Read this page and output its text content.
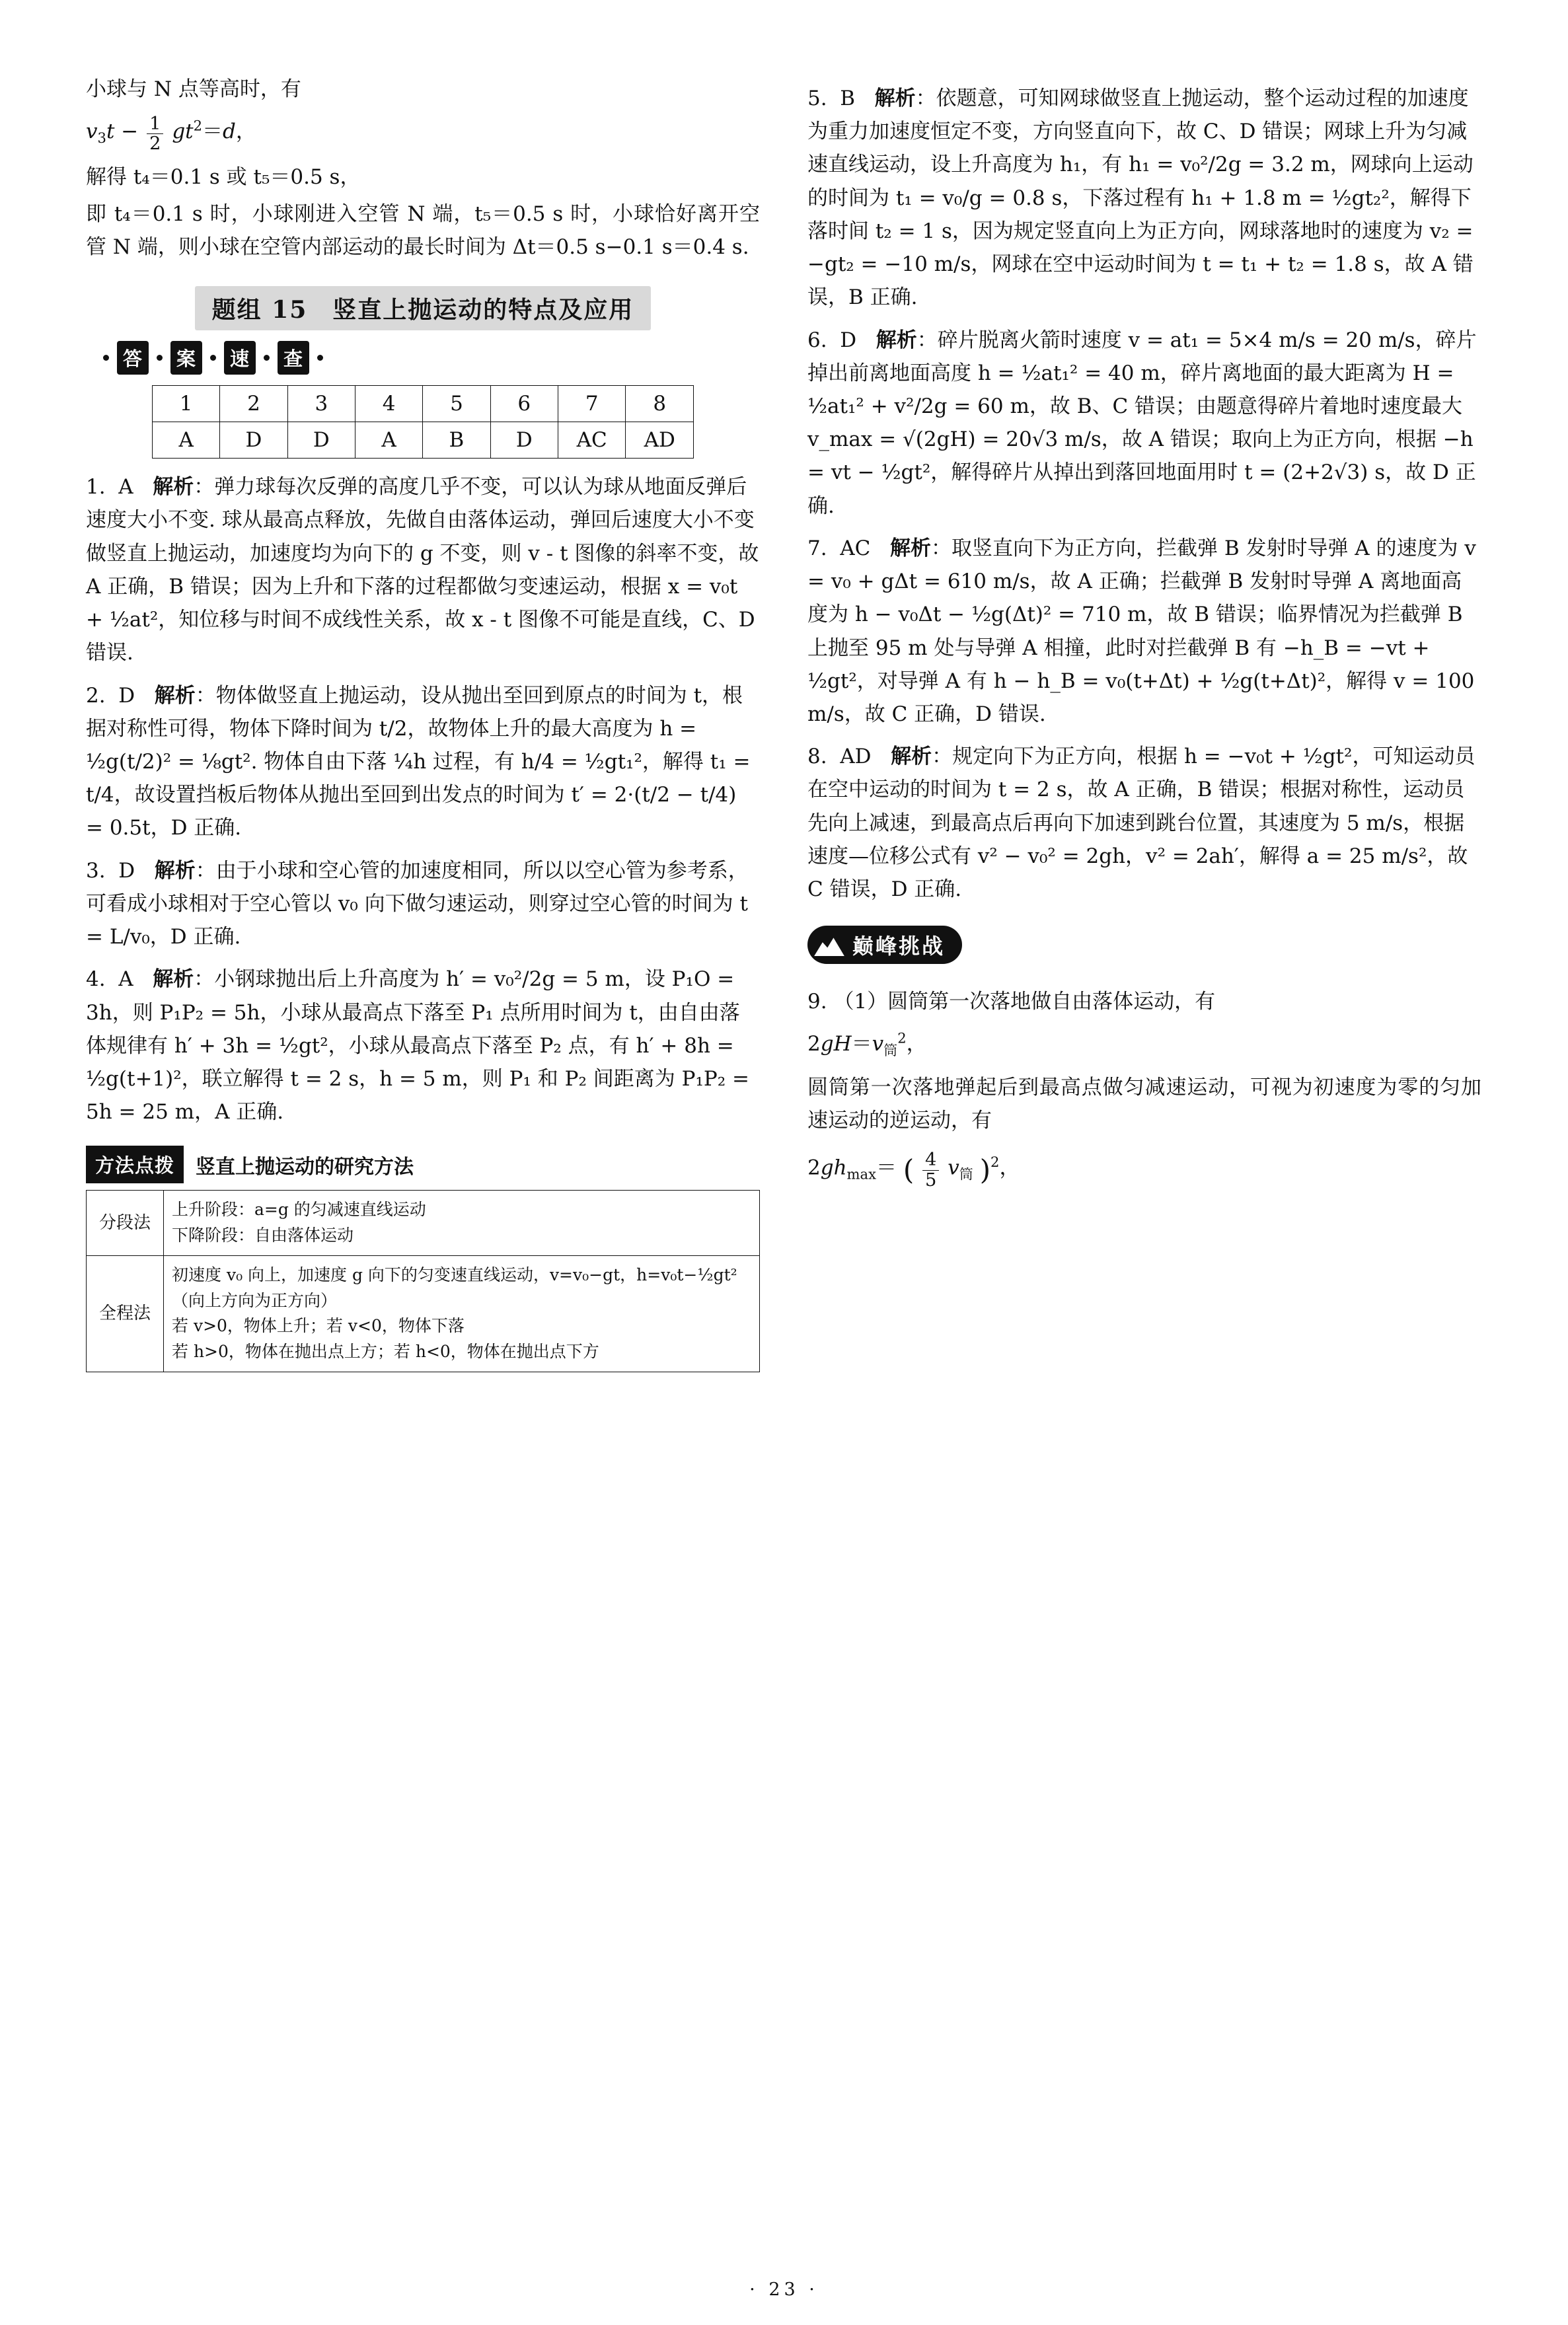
小球与 N 点等高时，有

$v_3t - \frac{1}{2} gt^2=d$，

解得 t₄＝0.1 s 或 t₅＝0.5 s，

即 t₄＝0.1 s 时，小球刚进入空管 N 端，t₅＝0.5 s 时，小球恰好离开空管 N 端，则小球在空管内部运动的最长时间为 Δt＝0.5 s−0.1 s＝0.4 s.

题组 15　竖直上抛运动的特点及应用
答	案	速	查
1	2	3	4	5	6	7	8
A	D	D	A	B	D	AC	AD
1. A 解析：弹力球每次反弹的高度几乎不变，可以认为球从地面反弹后速度大小不变. 球从最高点释放，先做自由落体运动，弹回后速度大小不变做竖直上抛运动，加速度均为向下的 g 不变，则 v - t 图像的斜率不变，故 A 正确，B 错误；因为上升和下落的过程都做匀变速运动，根据 x = v₀t + ½at²，知位移与时间不成线性关系，故 x - t 图像不可能是直线，C、D 错误.
2. D 解析：物体做竖直上抛运动，设从抛出至回到原点的时间为 t，根据对称性可得，物体下降时间为 t/2，故物体上升的最大高度为 h = ½g(t/2)² = ⅛gt². 物体自由下落 ¼h 过程，有 h/4 = ½gt₁²，解得 t₁ = t/4，故设置挡板后物体从抛出至回到出发点的时间为 t′ = 2·(t/2 − t/4) = 0.5t，D 正确.
3. D 解析：由于小球和空心管的加速度相同，所以以空心管为参考系，可看成小球相对于空心管以 v₀ 向下做匀速运动，则穿过空心管的时间为 t = L/v₀，D 正确.
4. A 解析：小钢球抛出后上升高度为 h′ = v₀²/2g = 5 m，设 P₁O = 3h，则 P₁P₂ = 5h，小球从最高点下落至 P₁ 点所用时间为 t，由自由落体规律有 h′ + 3h = ½gt²，小球从最高点下落至 P₂ 点，有 h′ + 8h = ½g(t+1)²，联立解得 t = 2 s，h = 5 m，则 P₁ 和 P₂ 间距离为 P₁P₂ = 5h = 25 m，A 正确.
方法点拨	竖直上抛运动的研究方法
分段法	上升阶段：a=g 的匀减速直线运动
下降阶段：自由落体运动

全程法	初速度 v₀ 向上，加速度 g 向下的匀变速直线运动，v=v₀−gt，h=v₀t−½gt²（向上方向为正方向）
若 v>0，物体上升；若 v<0，物体下落
若 h>0，物体在抛出点上方；若 h<0，物体在抛出点下方
5. B 解析：依题意，可知网球做竖直上抛运动，整个运动过程的加速度为重力加速度恒定不变，方向竖直向下，故 C、D 错误；网球上升为匀减速直线运动，设上升高度为 h₁，有 h₁ = v₀²/2g = 3.2 m，网球向上运动的时间为 t₁ = v₀/g = 0.8 s，下落过程有 h₁ + 1.8 m = ½gt₂²，解得下落时间 t₂ = 1 s，因为规定竖直向上为正方向，网球落地时的速度为 v₂ = −gt₂ = −10 m/s，网球在空中运动时间为 t = t₁ + t₂ = 1.8 s，故 A 错误，B 正确.
6. D 解析：碎片脱离火箭时速度 v = at₁ = 5×4 m/s = 20 m/s，碎片掉出前离地面高度 h = ½at₁² = 40 m，碎片离地面的最大距离为 H = ½at₁² + v²/2g = 60 m，故 B、C 错误；由题意得碎片着地时速度最大 v_max = √(2gH) = 20√3 m/s，故 A 错误；取向上为正方向，根据 −h = vt − ½gt²，解得碎片从掉出到落回地面用时 t = (2+2√3) s，故 D 正确.
7. AC 解析：取竖直向下为正方向，拦截弹 B 发射时导弹 A 的速度为 v = v₀ + gΔt = 610 m/s，故 A 正确；拦截弹 B 发射时导弹 A 离地面高度为 h − v₀Δt − ½g(Δt)² = 710 m，故 B 错误；临界情况为拦截弹 B 上抛至 95 m 处与导弹 A 相撞，此时对拦截弹 B 有 −h_B = −vt + ½gt²，对导弹 A 有 h − h_B = v₀(t+Δt) + ½g(t+Δt)²，解得 v = 100 m/s，故 C 正确，D 错误.
8. AD 解析：规定向下为正方向，根据 h = −v₀t + ½gt²，可知运动员在空中运动的时间为 t = 2 s，故 A 正确，B 错误；根据对称性，运动员先向上减速，到最高点后再向下加速到跳台位置，其速度为 5 m/s，根据速度—位移公式有 v² − v₀² = 2gh，v² = 2ah′，解得 a = 25 m/s²，故 C 错误，D 正确.
巅峰挑战
9. （1）圆筒第一次落地做自由落体运动，有
$2gH=v_筒^2$，

圆筒第一次落地弹起后到最高点做匀减速运动，可视为初速度为零的匀加速运动的逆运动，有

$2gh_{max}=$ ( $\frac{4}{5} v_筒$ )$^2$，
· 23 ·
